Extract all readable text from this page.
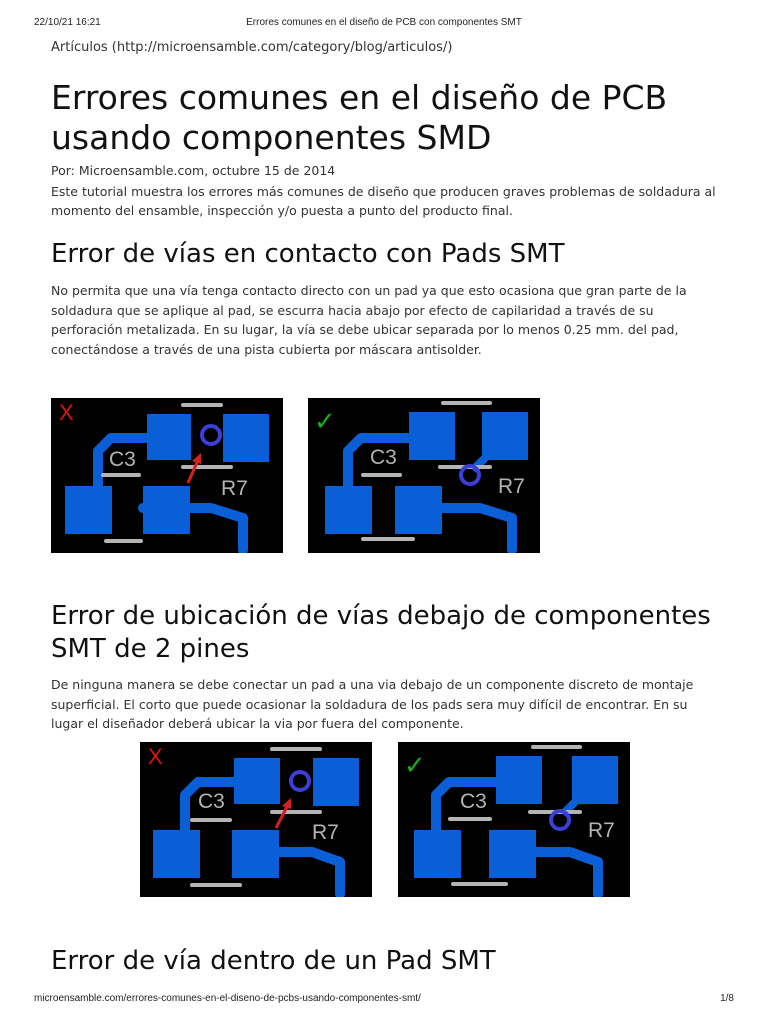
22/10/21 16:21	Errores comunes en el diseño de PCB con componentes SMT
Artículos (http://microensamble.com/category/blog/articulos/)
Errores comunes en el diseño de PCB usando componentes SMD
Por: Microensamble.com, octubre 15 de 2014
Este tutorial muestra los errores más comunes de diseño que producen graves problemas de soldadura al momento del ensamble, inspección y/o puesta a punto del producto final.
Error de vías en contacto con Pads SMT
No permita que una vía tenga contacto directo con un pad ya que esto ocasiona que gran parte de la soldadura que se aplique al pad, se escurra hacia abajo por efecto de capilaridad a través de su perforación metalizada. En su lugar, la vía se debe ubicar separada por lo menos 0.25 mm. del pad, conectándose a través de una pista cubierta por máscara antisolder.
C3
R7
X
C3
R7
✓
Error de ubicación de vías debajo de componentes SMT de 2 pines
De ninguna manera se debe conectar un pad a una via debajo de un componente discreto de montaje superficial. El corto que puede ocasionar la soldadura de los pads sera muy difícil de encontrar. En su lugar el diseñador deberá ubicar la via por fuera del componente.
C3
R7
X
C3
R7
✓
Error de vía dentro de un Pad SMT
microensamble.com/errores-comunes-en-el-diseno-de-pcbs-usando-componentes-smt/	1/8
